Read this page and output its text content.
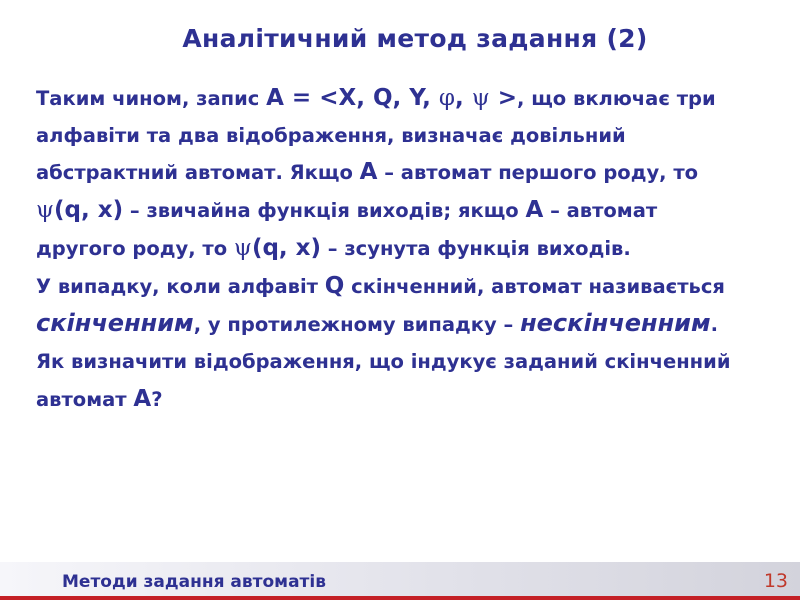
Аналітичний метод задання (2)
Таким чином, запис А = <X, Q, Y, φ, ψ >, що включає три
алфавіти та два відображення, визначає довільний
абстрактний автомат. Якщо А – автомат першого роду, то
ψ(q, x) – звичайна функція виходів; якщо А – автомат
другого роду, то ψ(q, x) – зсунута функція виходів.
У випадку, коли алфавіт Q скінченний, автомат називається
скінченним, у протилежному випадку – нескінченним.
Як визначити відображення, що індукує заданий скінченний
автомат А?
Методи задання автоматів	13
